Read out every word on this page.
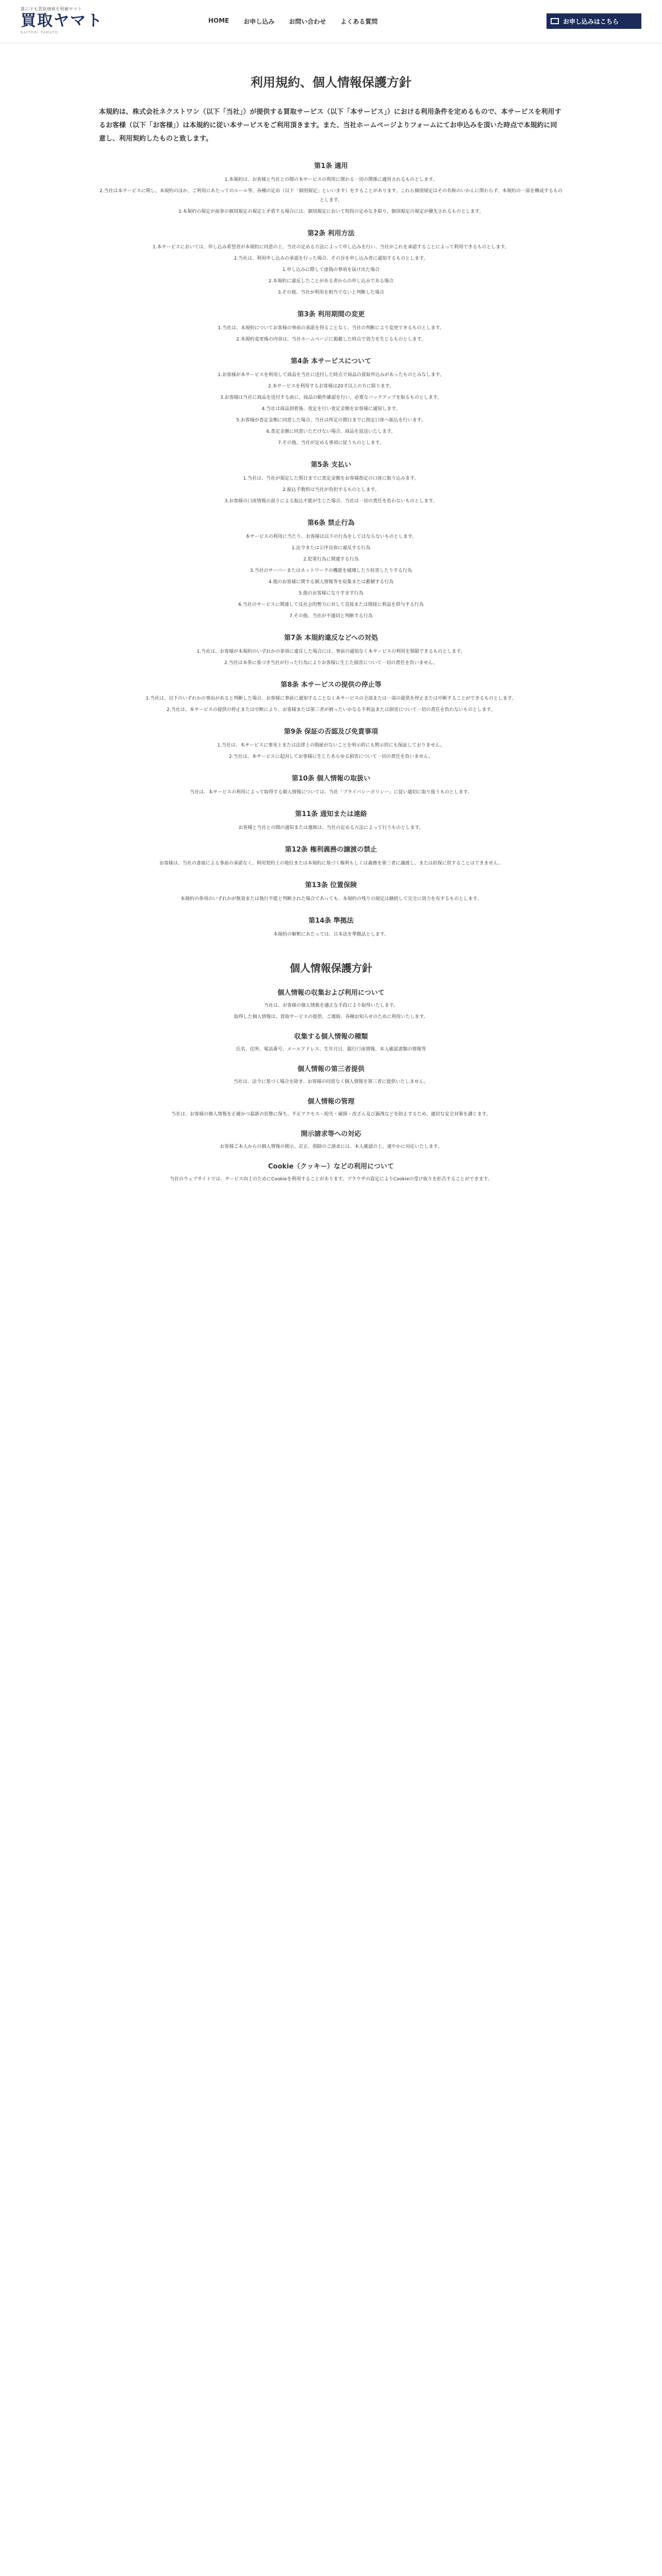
誰にでも買取価格を明確ヤマト
買取ヤマト
KAITORI YAMATO
HOME お申し込み お問い合わせ よくある質問	お申し込みはこちら
利用規約、個人情報保護方針

本規約は、株式会社ネクストワン（以下「当社」）が提供する買取サービス（以下「本サービス」）における利用条件を定めるもので、本サービスを利用するお客様（以下「お客様」）は本規約に従い本サービスをご利用頂きます。また、当社ホームページよりフォームにてお申込みを頂いた時点で本規約に同意し、利用契約したものと致します。

第1条 適用

1.本規約は、お客様と当社との間の本サービスの利用に関わる一切の関係に適用されるものとします。

2.当社は本サービスに関し、本規約のほか、ご利用にあたってのルール等、各種の定め（以下「個別規定」といいます）をすることがあります。これら個別規定はその名称のいかんに関わらず、本規約の一部を構成するものとします。

3.本規約の規定が前条の個別規定の規定と矛盾する場合には、個別規定において特段の定めなき限り、個別規定の規定が優先されるものとします。

第2条 利用方法

1.本サービスにおいては、申し込み希望者が本規約に同意の上、当社の定める方法によって申し込みを行い、当社がこれを承認することによって利用できるものとします。

2.当社は、利用申し込みの承認を行った場合、その旨を申し込み者に通知するものとします。

1.申し込みに際して虚偽の事項を届け出た場合

2.本規約に違反したことがある者からの申し込みである場合

3.その他、当社が利用を相当でないと判断した場合

第3条 利用期間の変更

1.当社は、本規約についてお客様の事前の承諾を得ることなく、当社の判断により変更できるものとします。

2.本規約変更後の内容は、当社ホームページに掲載した時点で効力を生じるものとします。

第4条 本サービスについて

1.お客様が本サービスを利用して商品を当社に送付した時点で商品の買取申込みがあったものとみなします。

2.本サービスを利用するお客様は20才以上の方に限ります。

3.お客様は当社に商品を送付する前に、商品の動作確認を行い、必要なバックアップを取るものとします。

4.当社は商品到着後、査定を行い査定金額をお客様に通知します。

5.お客様が査定金額に同意した場合、当社は所定の期日までに指定口座へ振込を行います。

6.査定金額に同意いただけない場合、商品を返送いたします。

7.その他、当社が定める事項に従うものとします。

第5条 支払い

1.当社は、当社が規定した期日までに査定金額をお客様指定の口座に振り込みます。

2.振込手数料は当社が負担するものとします。

3.お客様の口座情報の誤りによる振込不能が生じた場合、当社は一切の責任を負わないものとします。

第6条 禁止行為

本サービスの利用に当たり、お客様は以下の行為をしてはならないものとします。

1.法令または公序良俗に違反する行為

2.犯罪行為に関連する行為

3.当社のサーバーまたはネットワークの機能を破壊したり妨害したりする行為

4.他のお客様に関する個人情報等を収集または蓄積する行為

5.他のお客様になりすます行為

6.当社のサービスに関連して反社会的勢力に対して直接または間接に利益を供与する行為

7.その他、当社が不適切と判断する行為

第7条 本規約違反などへの対処

1.当社は、お客様が本規約のいずれかの条項に違反した場合には、事前の通知なく本サービスの利用を制限できるものとします。

2.当社は本条に基づき当社が行った行為によりお客様に生じた損害について一切の責任を負いません。

第8条 本サービスの提供の停止等

1.当社は、以下のいずれかの事由があると判断した場合、お客様に事前に通知することなく本サービスの全部または一部の提供を停止または中断することができるものとします。

2.当社は、本サービスの提供の停止または中断により、お客様または第三者が被ったいかなる不利益または損害について一切の責任を負わないものとします。

第9条 保証の否認及び免責事項

1.当社は、本サービスに事実上または法律上の瑕疵がないことを明示的にも黙示的にも保証しておりません。

2.当社は、本サービスに起因してお客様に生じたあらゆる損害について一切の責任を負いません。

第10条 個人情報の取扱い

当社は、本サービスの利用によって取得する個人情報については、当社「プライバシーポリシー」に従い適切に取り扱うものとします。

第11条 通知または連絡

お客様と当社との間の通知または連絡は、当社の定める方法によって行うものとします。

第12条 権利義務の譲渡の禁止

お客様は、当社の書面による事前の承諾なく、利用契約上の地位または本規約に基づく権利もしくは義務を第三者に譲渡し、または担保に供することはできません。

第13条 位置保険

本規約の条項のいずれかが無効または執行不能と判断された場合であっても、本規約の残りの規定は継続して完全に効力を有するものとします。

第14条 準拠法

本規約の解釈にあたっては、日本法を準拠法とします。

個人情報保護方針
個人情報の収集および利用について

当社は、お客様の個人情報を適正な手段により取得いたします。

取得した個人情報は、買取サービスの提供、ご連絡、各種お知らせのために利用いたします。

収集する個人情報の種類

氏名、住所、電話番号、メールアドレス、生年月日、銀行口座情報、本人確認書類の情報等

個人情報の第三者提供

当社は、法令に基づく場合を除き、お客様の同意なく個人情報を第三者に提供いたしません。

個人情報の管理

当社は、お客様の個人情報を正確かつ最新の状態に保ち、不正アクセス・紛失・破損・改ざん及び漏洩などを防止するため、適切な安全対策を講じます。

開示請求等への対応

お客様ご本人からの個人情報の開示、訂正、削除のご請求には、本人確認の上、速やかに対応いたします。

Cookie（クッキー）などの利用について

当社のウェブサイトでは、サービス向上のためにCookieを利用することがあります。ブラウザの設定によりCookieの受け取りを拒否することができます。
